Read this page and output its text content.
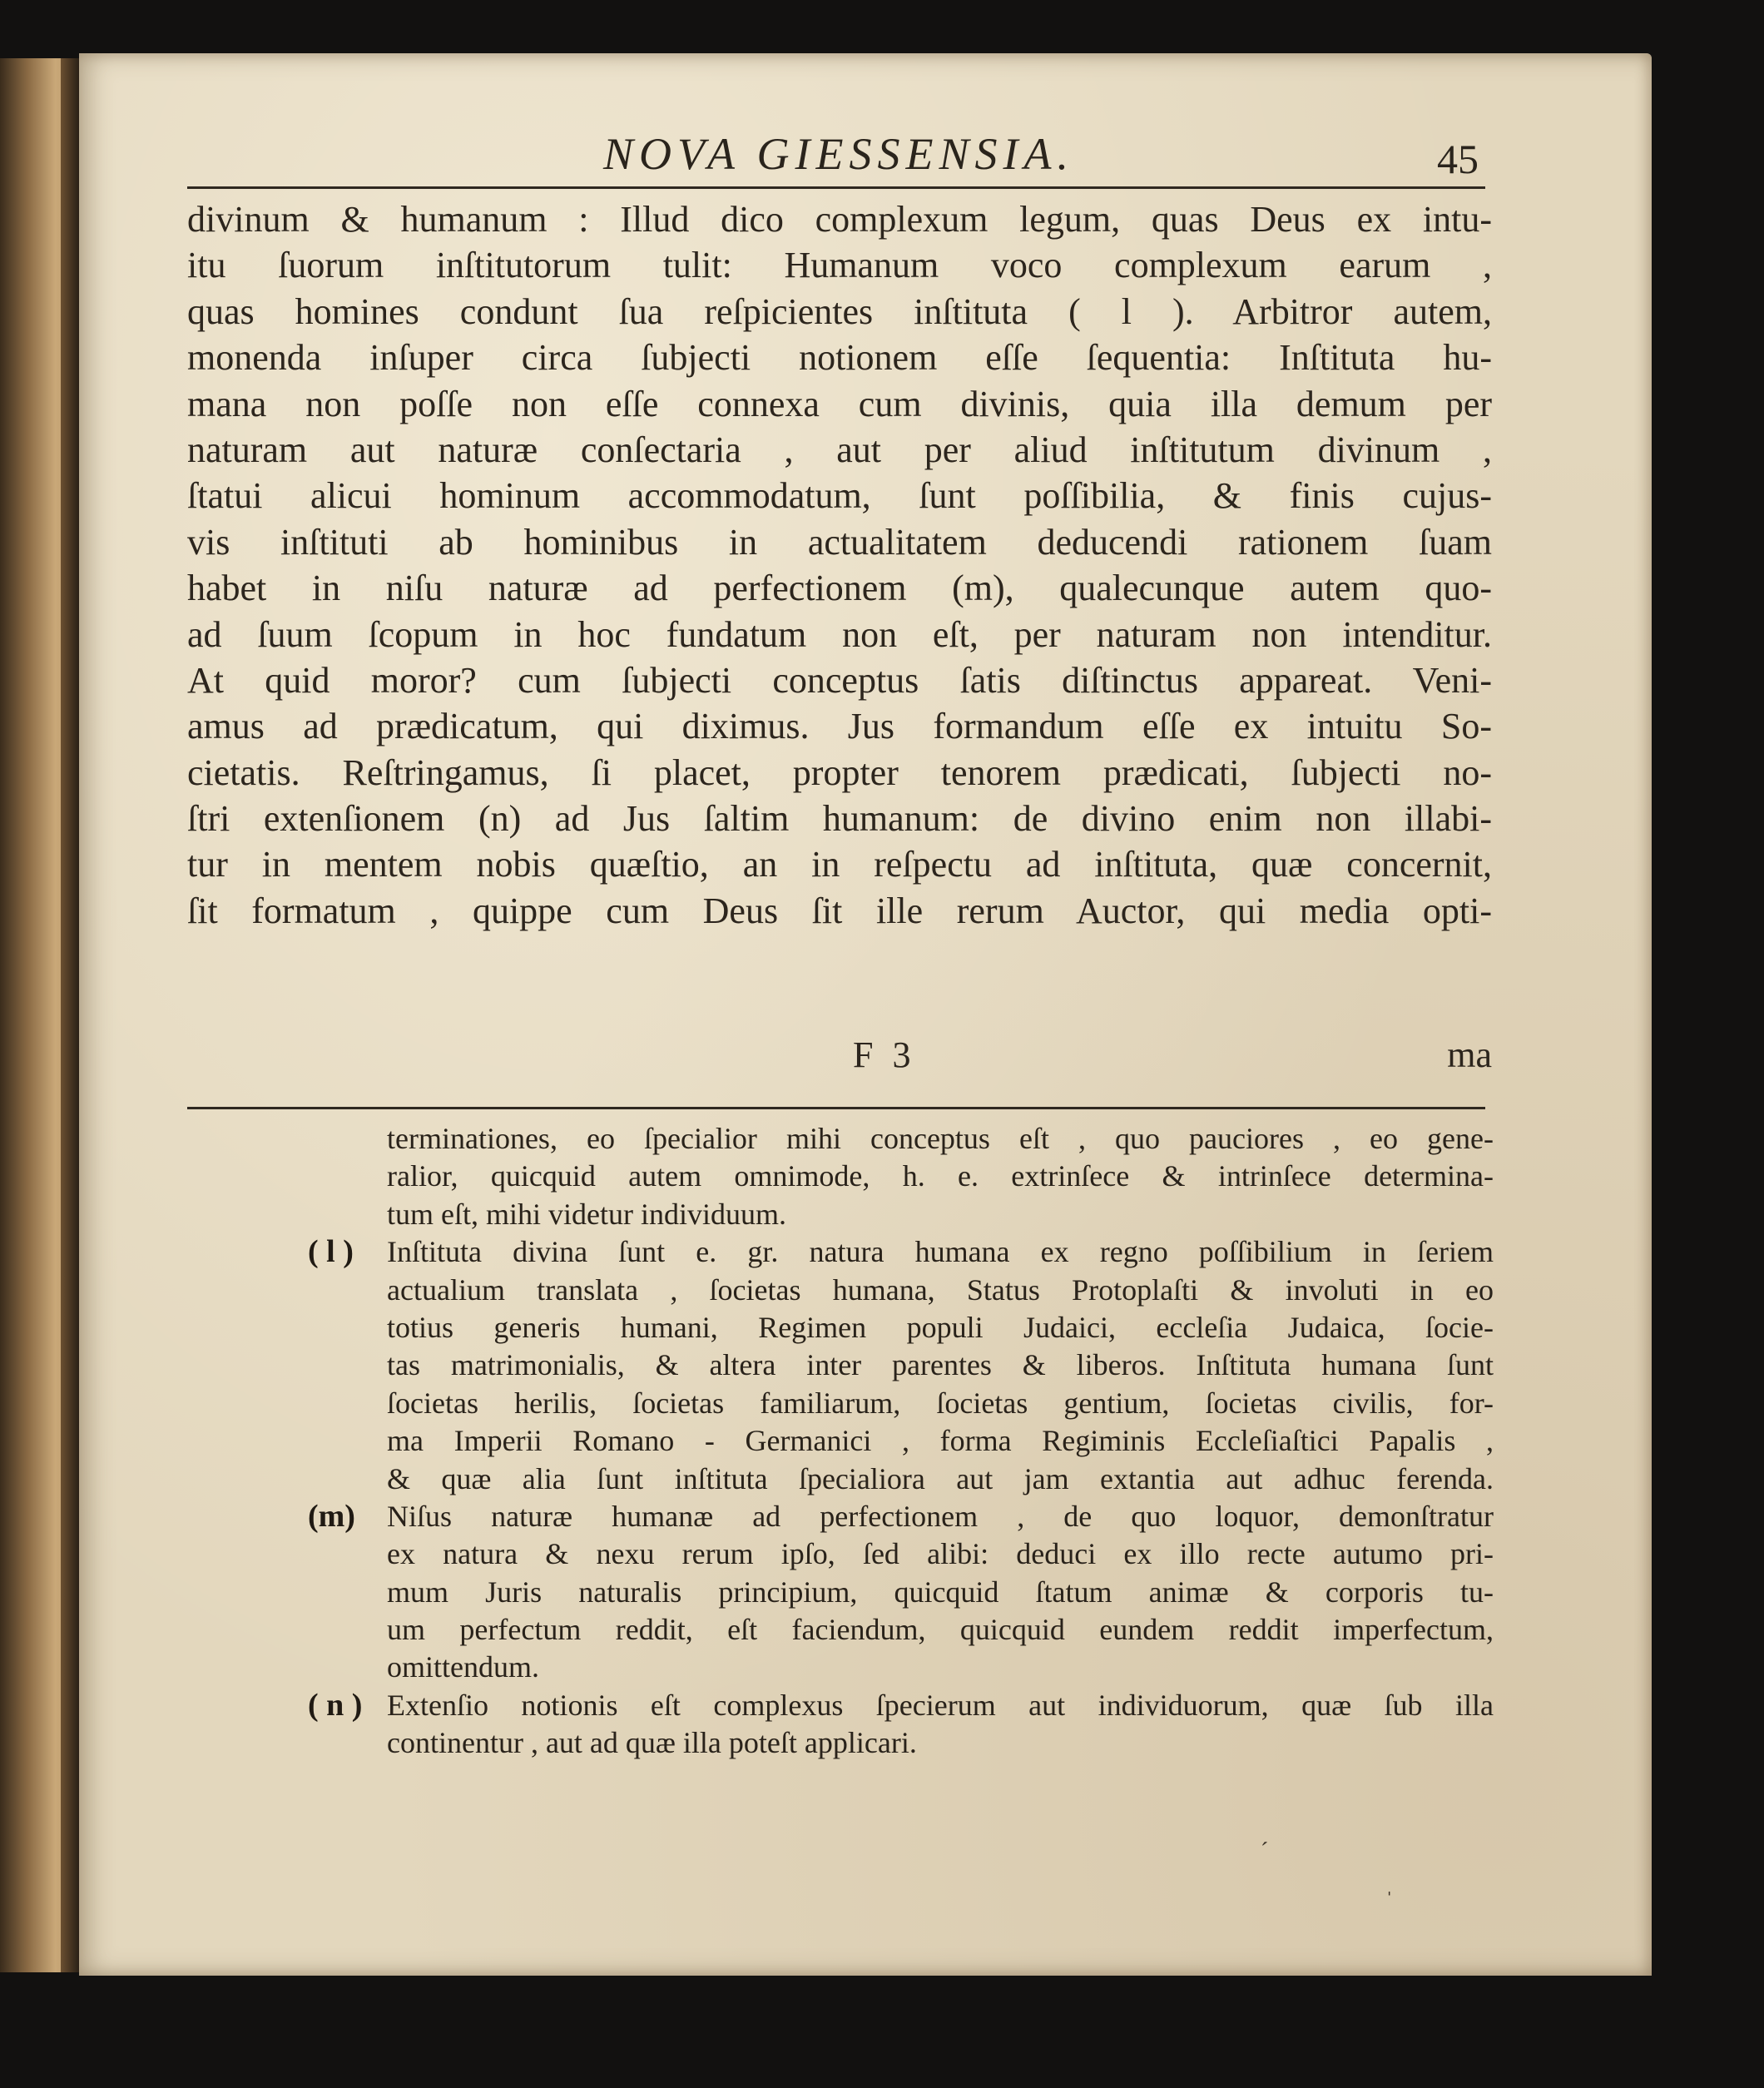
NOVA GIESSENSIA.	45
divinum & humanum : Illud dico complexum legum, quas Deus ex intu-
itu ſuorum inſtitutorum tulit: Humanum voco complexum earum ,
quas homines condunt ſua reſpicientes inſtituta ( l ). Arbitror autem,
monenda inſuper circa ſubjecti notionem eſſe ſequentia: Inſtituta hu-
mana non poſſe non eſſe connexa cum divinis, quia illa demum per
naturam aut naturæ conſectaria , aut per aliud inſtitutum divinum ,
ſtatui alicui hominum accommodatum, ſunt poſſibilia, & finis cujus-
vis inſtituti ab hominibus in actualitatem deducendi rationem ſuam
habet in niſu naturæ ad perfectionem (m), qualecunque autem quo-
ad ſuum ſcopum in hoc fundatum non eſt, per naturam non intenditur.
At quid moror? cum ſubjecti conceptus ſatis diſtinctus appareat. Veni-
amus ad prædicatum, qui diximus. Jus formandum eſſe ex intuitu So-
cietatis. Reſtringamus, ſi placet, propter tenorem prædicati, ſubjecti no-
ſtri extenſionem (n) ad Jus ſaltim humanum: de divino enim non illabi-
tur in mentem nobis quæſtio, an in reſpectu ad inſtituta, quæ concernit,
ſit formatum , quippe cum Deus ſit ille rerum Auctor, qui media opti-
F 3	ma
terminationes, eo ſpecialior mihi conceptus eſt , quo pauciores , eo gene-
ralior, quicquid autem omnimode, h. e. extrinſece & intrinſece determina-
tum eſt, mihi videtur individuum.
( l ) Inſtituta divina ſunt e. gr. natura humana ex regno poſſibilium in ſeriem
actualium translata , ſocietas humana, Status Protoplaſti & involuti in eo
totius generis humani, Regimen populi Judaici, eccleſia Judaica, ſocie-
tas matrimonialis, & altera inter parentes & liberos. Inſtituta humana ſunt
ſocietas herilis, ſocietas familiarum, ſocietas gentium, ſocietas civilis, for-
ma Imperii Romano - Germanici , forma Regiminis Eccleſiaſtici Papalis ,
& quæ alia ſunt inſtituta ſpecialiora aut jam extantia aut adhuc ferenda.
(m) Niſus naturæ humanæ ad perfectionem , de quo loquor, demonſtratur
ex natura & nexu rerum ipſo, ſed alibi: deduci ex illo recte autumo pri-
mum Juris naturalis principium, quicquid ſtatum animæ & corporis tu-
um perfectum reddit, eſt faciendum, quicquid eundem reddit imperfectum,
omittendum.
( n ) Extenſio notionis eſt complexus ſpecierum aut individuorum, quæ ſub illa
continentur , aut ad quæ illa poteſt applicari.
ˊ
ˈ
